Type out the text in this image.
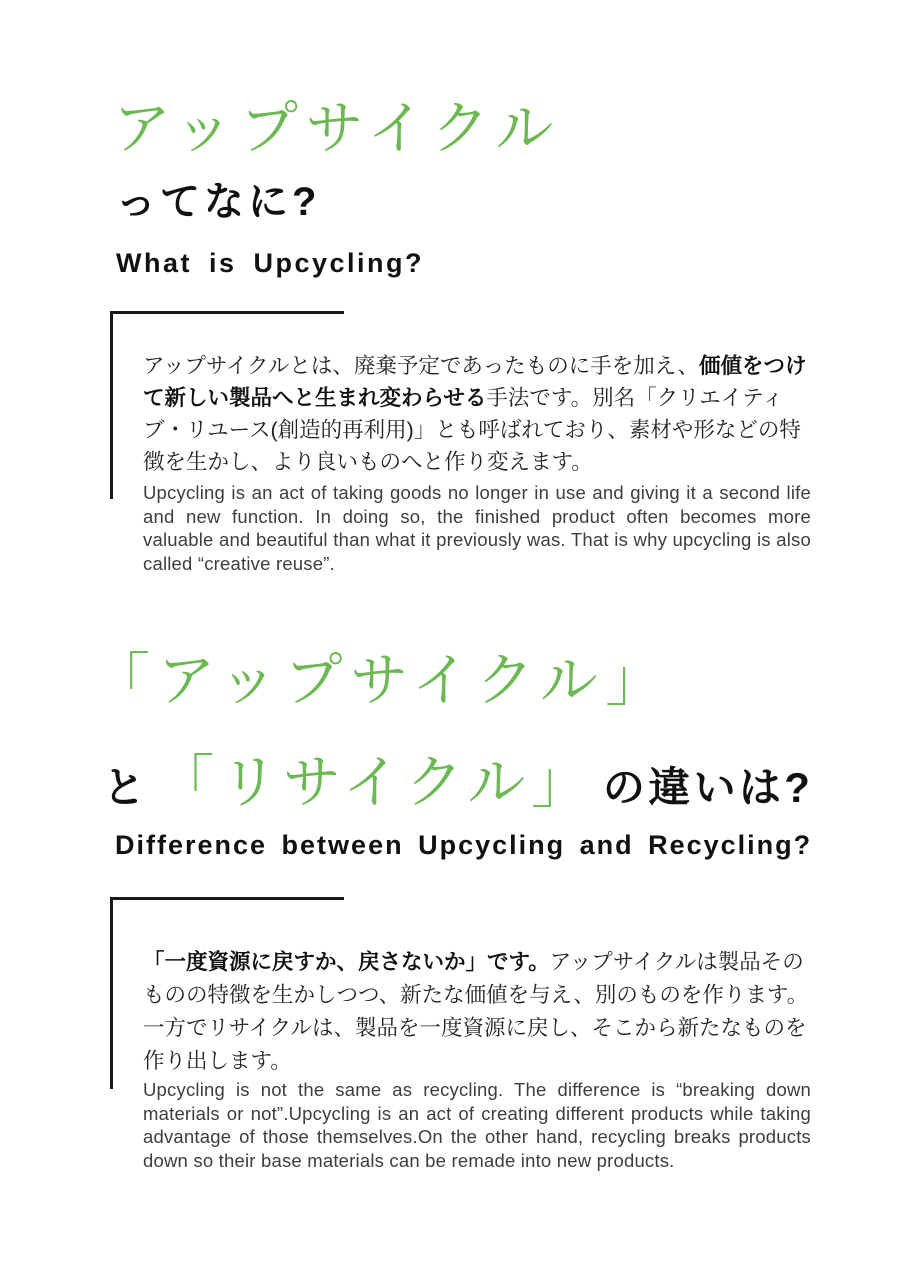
アップサイクル
ってなに?
What is Upcycling?
アップサイクルとは、廃棄予定であったものに手を加え、価値をつけて新しい製品へと生まれ変わらせる手法です。別名「クリエイティブ・リユース(創造的再利用)」とも呼ばれており、素材や形などの特徴を生かし、より良いものへと作り変えます。
Upcycling is an act of taking goods no longer in use and giving it a second life and new function. In doing so, the finished product often becomes more valuable and beautiful than what it previously was. That is why upcycling is also called “creative reuse”.
「アップサイクル」
と 「リサイクル」 の違いは?
Difference between Upcycling and Recycling?
「一度資源に戻すか、戻さないか」です。アップサイクルは製品そのものの特徴を生かしつつ、新たな価値を与え、別のものを作ります。一方でリサイクルは、製品を一度資源に戻し、そこから新たなものを作り出します。
Upcycling is not the same as recycling. The difference is “breaking down materials or not”.Upcycling is an act of creating different products while taking advantage of those themselves.On the other hand, recycling breaks products down so their base materials can be remade into new products.
